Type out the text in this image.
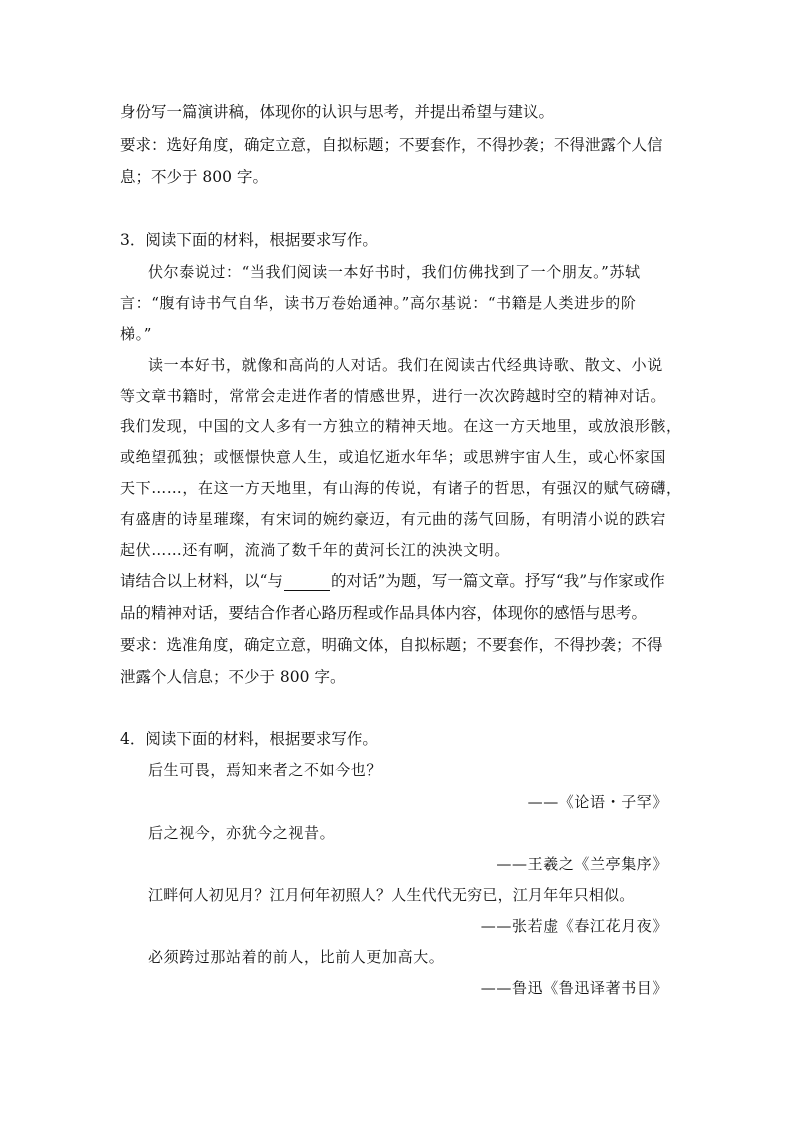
身份写一篇演讲稿，体现你的认识与思考，并提出希望与建议。
要求：选好角度，确定立意，自拟标题；不要套作，不得抄袭；不得泄露个人信
息；不少于 800 字。
3．阅读下面的材料，根据要求写作。
伏尔泰说过：“当我们阅读一本好书时，我们仿佛找到了一个朋友。”苏轼
言：“腹有诗书气自华，读书万卷始通神。”高尔基说：“书籍是人类进步的阶
梯。”
读一本好书，就像和高尚的人对话。我们在阅读古代经典诗歌、散文、小说
等文章书籍时，常常会走进作者的情感世界，进行一次次跨越时空的精神对话。
我们发现，中国的文人多有一方独立的精神天地。在这一方天地里，或放浪形骸，
或绝望孤独；或惬憬快意人生，或追忆逝水年华；或思辨宇宙人生，或心怀家国
天下……，在这一方天地里，有山海的传说，有诸子的哲思，有强汉的赋气磅礴，
有盛唐的诗星璀璨，有宋词的婉约豪迈，有元曲的荡气回肠，有明清小说的跌宕
起伏……还有啊，流淌了数千年的黄河长江的泱泱文明。
请结合以上材料，以“与	的对话”为题，写一篇文章。抒写“我”与作家或作
品的精神对话，要结合作者心路历程或作品具体内容，体现你的感悟与思考。
要求：选准角度，确定立意，明确文体，自拟标题；不要套作，不得抄袭；不得
泄露个人信息；不少于 800 字。
4．阅读下面的材料，根据要求写作。
后生可畏，焉知来者之不如今也？
——《论语・子罕》
后之视今，亦犹今之视昔。
——王羲之《兰亭集序》
江畔何人初见月？江月何年初照人？人生代代无穷已，江月年年只相似。
——张若虚《春江花月夜》
必须跨过那站着的前人，比前人更加高大。
——鲁迅《鲁迅译著书目》
